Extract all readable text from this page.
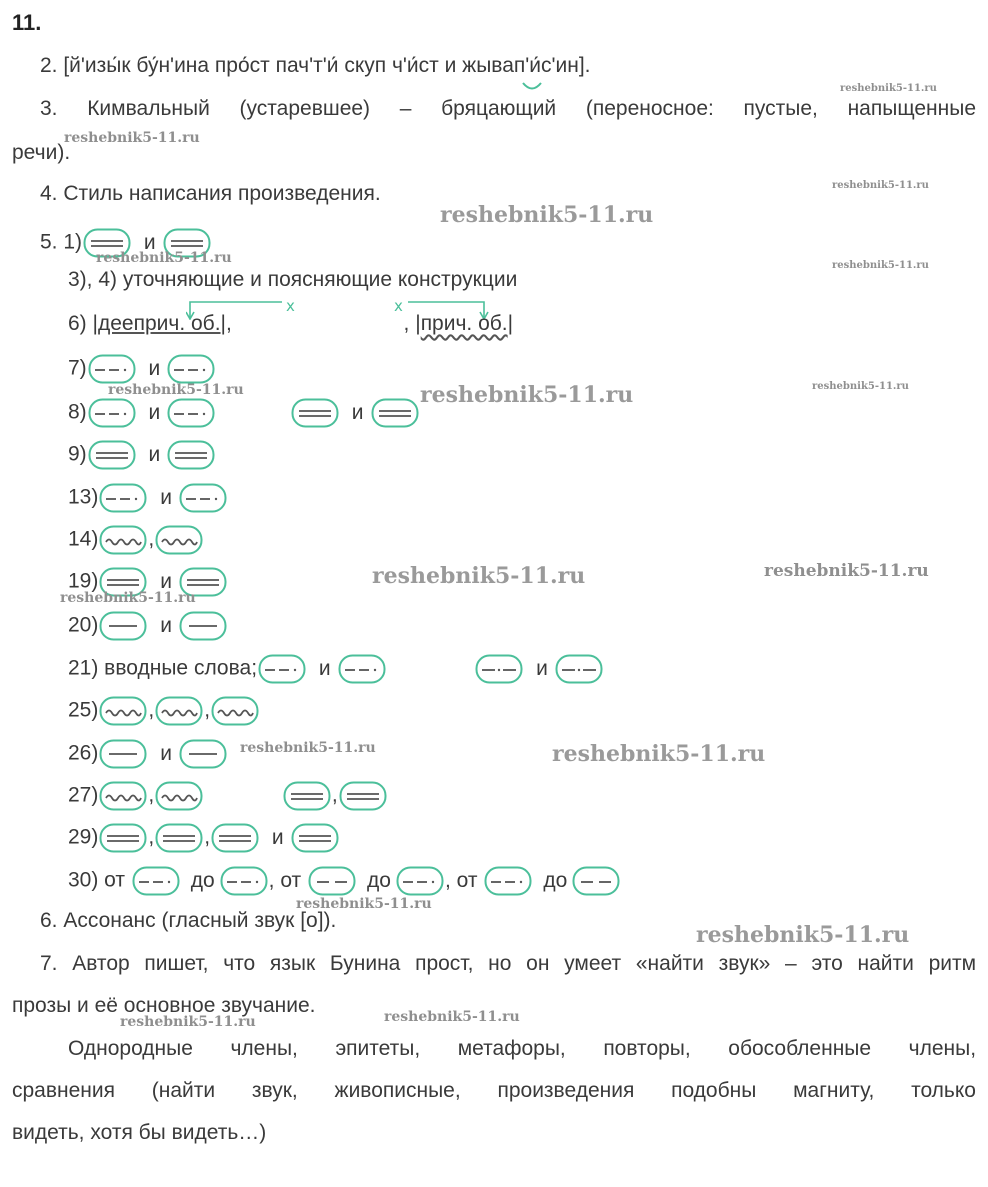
11.
2. [й'изы́к бу́н'ина про́ст пач'т'и́ скуп ч'и́ст и жывап'и́с'ин].
3. Кимвальный (устаревшее) – бряцающий (переносное: пустые, напыщенные
речи).
4. Стиль написания произведения.
5. 1)	и
3), 4) уточняющие и поясняющие конструкции
x	x
6) |дееприч. об.|,	, |прич. об.|
7)	и
8)	и
	и
9)	и
13)	и
14) ,
19)	и
20)	и
21) вводные слова;	и
	и
25) , ,
26)	и
27) ,
	,
29) , ,	и
30) от	до	, от	до	, от	до
6. Ассонанс (гласный звук [о]).
7. Автор пишет, что язык Бунина прост, но он умеет «найти звук» – это найти ритм
прозы и её основное звучание.
Однородные члены, эпитеты, метафоры, повторы, обособленные члены,
сравнения (найти звук, живописные, произведения подобны магниту, только
видеть, хотя бы видеть…)
reshebnik5-11.ru
reshebnik5-11.ru
reshebnik5-11.ru
reshebnik5-11.ru
reshebnik5-11.ru	reshebnik5-11.ru
reshebnik5-11.ru	reshebnik5-11.ru	reshebnik5-11.ru
reshebnik5-11.ru	reshebnik5-11.ru
reshebnik5-11.ru
reshebnik5-11.ru	reshebnik5-11.ru
reshebnik5-11.ru
reshebnik5-11.ru
reshebnik5-11.ru	reshebnik5-11.ru
